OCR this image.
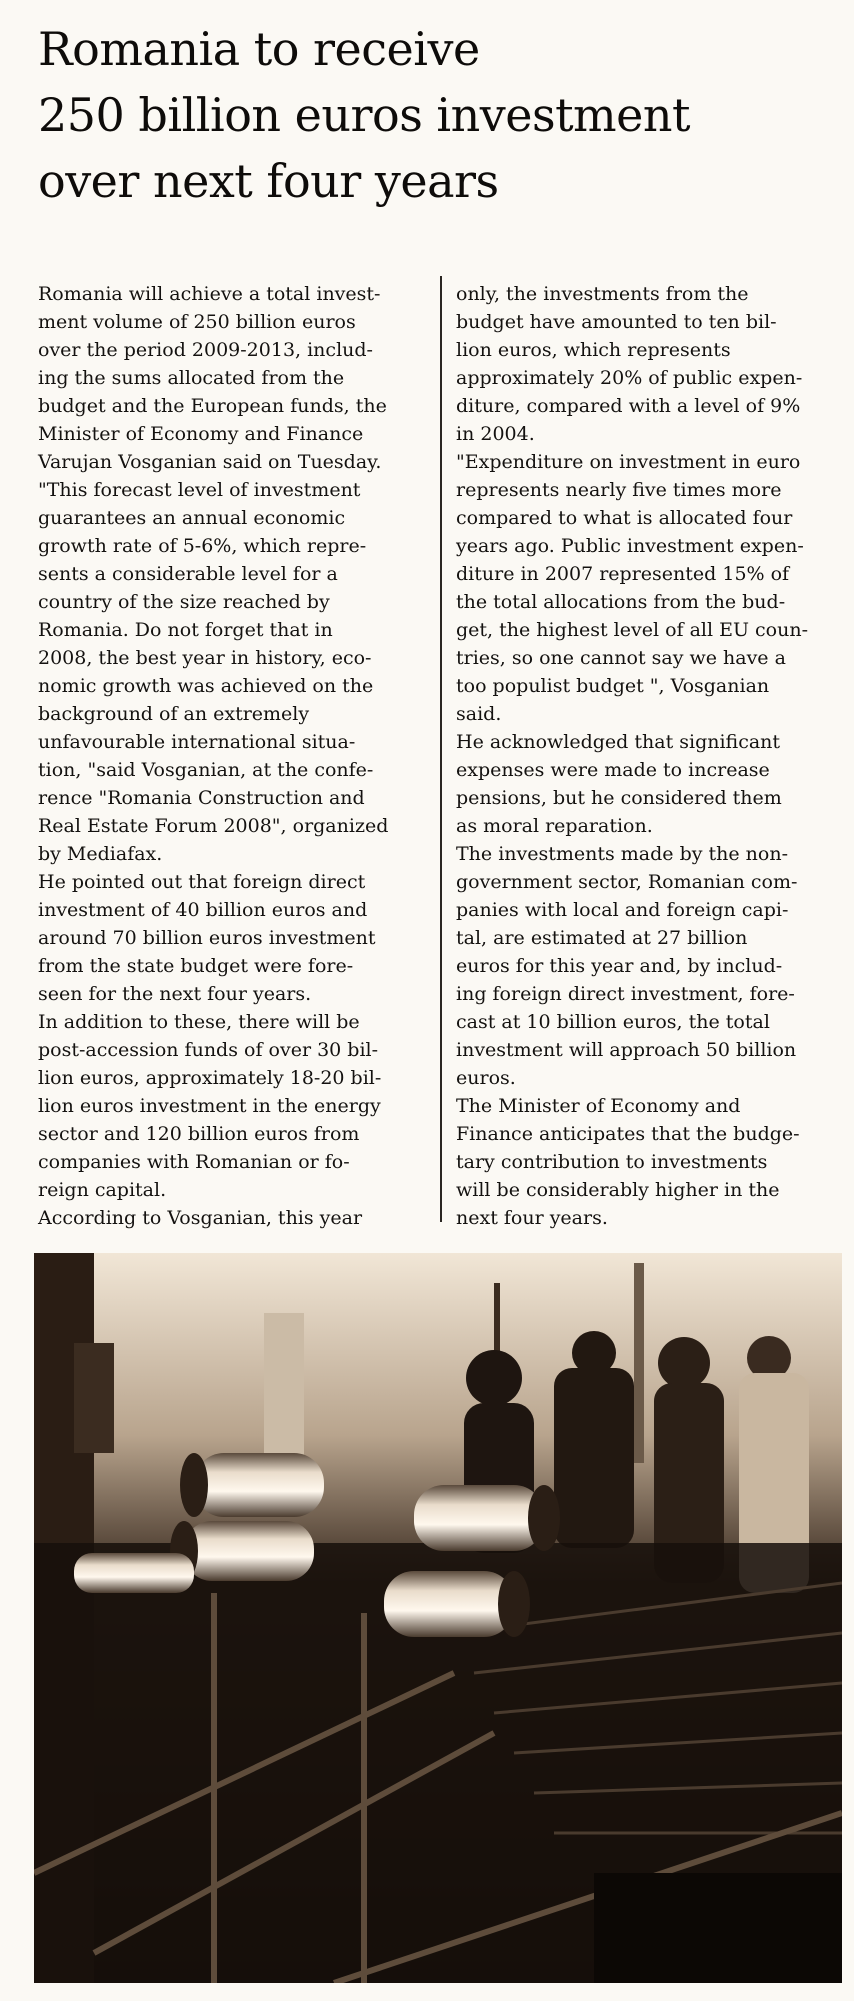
Romania to receive
250 billion euros investment
over next four years
Romania will achieve a total invest-
ment volume of 250 billion euros
over the period 2009-2013, includ-
ing the sums allocated from the
budget and the European funds, the
Minister of Economy and Finance
Varujan Vosganian said on Tuesday.
"This forecast level of investment
guarantees an annual economic
growth rate of 5-6%, which repre-
sents a considerable level for a
country of the size reached by
Romania. Do not forget that in
2008, the best year in history, eco-
nomic growth was achieved on the
background of an extremely
unfavourable international situa-
tion, "said Vosganian, at the confe-
rence "Romania Construction and
Real Estate Forum 2008", organized
by Mediafax.
He pointed out that foreign direct
investment of 40 billion euros and
around 70 billion euros investment
from the state budget were fore-
seen for the next four years.
In addition to these, there will be
post-accession funds of over 30 bil-
lion euros, approximately 18-20 bil-
lion euros investment in the energy
sector and 120 billion euros from
companies with Romanian or fo-
reign capital.
According to Vosganian, this year
only, the investments from the
budget have amounted to ten bil-
lion euros, which represents
approximately 20% of public expen-
diture, compared with a level of 9%
in 2004.
"Expenditure on investment in euro
represents nearly five times more
compared to what is allocated four
years ago. Public investment expen-
diture in 2007 represented 15% of
the total allocations from the bud-
get, the highest level of all EU coun-
tries, so one cannot say we have a
too populist budget ", Vosganian
said.
He acknowledged that significant
expenses were made to increase
pensions, but he considered them
as moral reparation.
The investments made by the non-
government sector, Romanian com-
panies with local and foreign capi-
tal, are estimated at 27 billion
euros for this year and, by includ-
ing foreign direct investment, fore-
cast at 10 billion euros, the total
investment will approach 50 billion
euros.
The Minister of Economy and
Finance anticipates that the budge-
tary contribution to investments
will be considerably higher in the
next four years.
